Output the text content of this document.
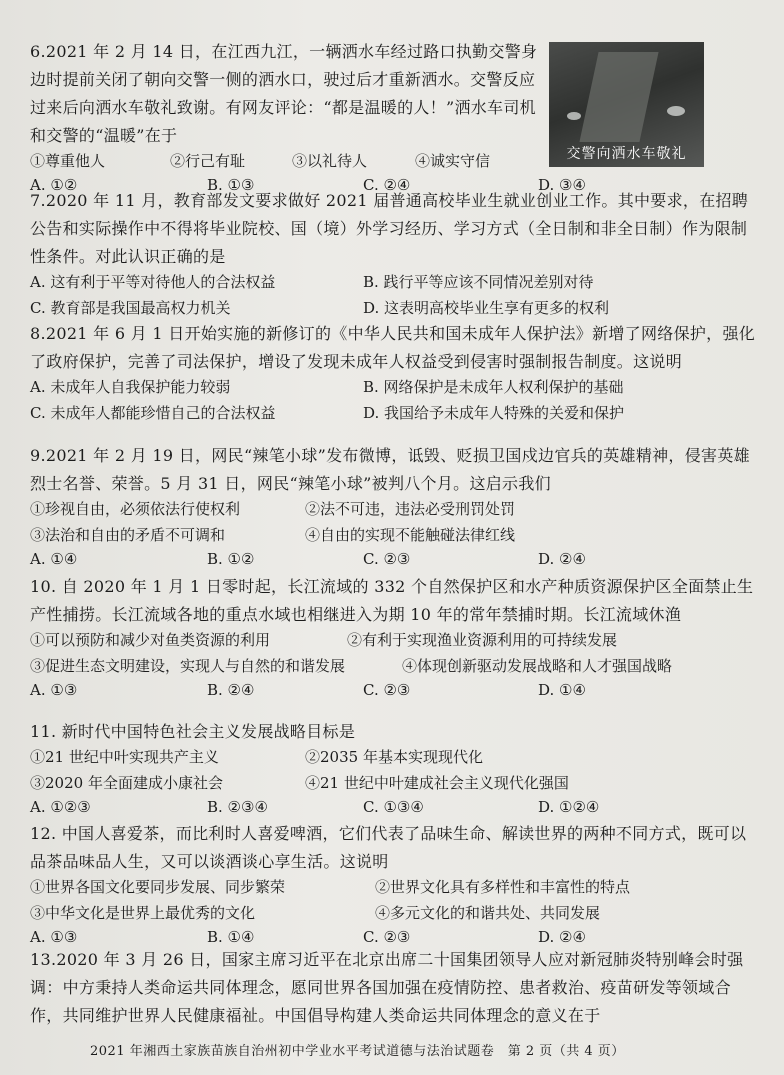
6.2021 年 2 月 14 日，在江西九江，一辆洒水车经过路口执勤交警身边时提前关闭了朝向交警一侧的洒水口，驶过后才重新洒水。交警反应过来后向洒水车敬礼致谢。有网友评论：“都是温暖的人！”洒水车司机和交警的“温暖”在于
①尊重他人	②行己有耻	③以礼待人	④诚实守信
A. ①②	B. ①③	C. ②④	D. ③④
交警向洒水车敬礼
7.2020 年 11 月，教育部发文要求做好 2021 届普通高校毕业生就业创业工作。其中要求，在招聘公告和实际操作中不得将毕业院校、国（境）外学习经历、学习方式（全日制和非全日制）作为限制性条件。对此认识正确的是
A. 这有利于平等对待他人的合法权益	B. 践行平等应该不同情况差别对待
C. 教育部是我国最高权力机关	D. 这表明高校毕业生享有更多的权利
8.2021 年 6 月 1 日开始实施的新修订的《中华人民共和国未成年人保护法》新增了网络保护，强化了政府保护，完善了司法保护，增设了发现未成年人权益受到侵害时强制报告制度。这说明
A. 未成年人自我保护能力较弱	B. 网络保护是未成年人权利保护的基础
C. 未成年人都能珍惜自己的合法权益	D. 我国给予未成年人特殊的关爱和保护
9.2021 年 2 月 19 日，网民“辣笔小球”发布微博，诋毁、贬损卫国戍边官兵的英雄精神，侵害英雄烈士名誉、荣誉。5 月 31 日，网民“辣笔小球”被判八个月。这启示我们
①珍视自由，必须依法行使权利	②法不可违，违法必受刑罚处罚
③法治和自由的矛盾不可调和	④自由的实现不能触碰法律红线
A. ①④	B. ①②	C. ②③	D. ②④
10. 自 2020 年 1 月 1 日零时起，长江流域的 332 个自然保护区和水产种质资源保护区全面禁止生产性捕捞。长江流域各地的重点水域也相继进入为期 10 年的常年禁捕时期。长江流域休渔
①可以预防和减少对鱼类资源的利用	②有利于实现渔业资源利用的可持续发展
③促进生态文明建设，实现人与自然的和谐发展	④体现创新驱动发展战略和人才强国战略
A. ①③	B. ②④	C. ②③	D. ①④
11. 新时代中国特色社会主义发展战略目标是
①21 世纪中叶实现共产主义	②2035 年基本实现现代化
③2020 年全面建成小康社会	④21 世纪中叶建成社会主义现代化强国
A. ①②③	B. ②③④	C. ①③④	D. ①②④
12. 中国人喜爱茶，而比利时人喜爱啤酒，它们代表了品味生命、解读世界的两种不同方式，既可以品茶品味品人生，又可以谈酒谈心享生活。这说明
①世界各国文化要同步发展、同步繁荣	②世界文化具有多样性和丰富性的特点
③中华文化是世界上最优秀的文化	④多元文化的和谐共处、共同发展
A. ①③	B. ①④	C. ②③	D. ②④
13.2020 年 3 月 26 日，国家主席习近平在北京出席二十国集团领导人应对新冠肺炎特别峰会时强调：中方秉持人类命运共同体理念，愿同世界各国加强在疫情防控、患者救治、疫苗研发等领域合作，共同维护世界人民健康福祉。中国倡导构建人类命运共同体理念的意义在于
2021 年湘西土家族苗族自治州初中学业水平考试道德与法治试题卷　第 2 页（共 4 页）
